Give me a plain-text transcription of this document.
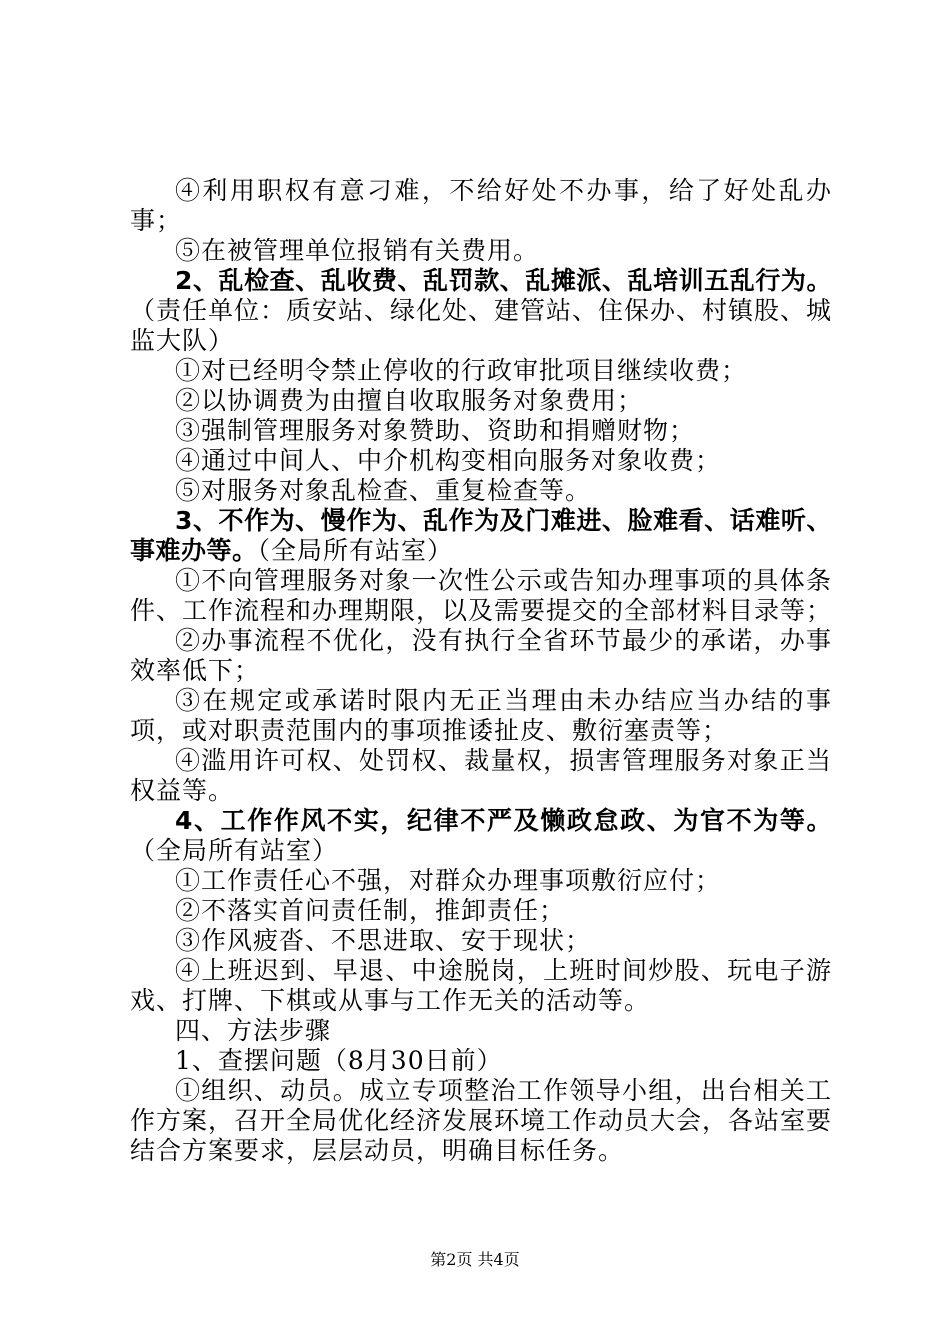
④利用职权有意刁难，不给好处不办事，给了好处乱办事；

⑤在被管理单位报销有关费用。

2、乱检查、乱收费、乱罚款、乱摊派、乱培训五乱行为。（责任单位：质安站、绿化处、建管站、住保办、村镇股、城监大队）

①对已经明令禁止停收的行政审批项目继续收费；

②以协调费为由擅自收取服务对象费用；

③强制管理服务对象赞助、资助和捐赠财物；

④通过中间人、中介机构变相向服务对象收费；

⑤对服务对象乱检查、重复检查等。

3、不作为、慢作为、乱作为及门难进、脸难看、话难听、事难办等。（全局所有站室）

①不向管理服务对象一次性公示或告知办理事项的具体条件、工作流程和办理期限，以及需要提交的全部材料目录等；

②办事流程不优化，没有执行全省环节最少的承诺，办事效率低下；

③在规定或承诺时限内无正当理由未办结应当办结的事项，或对职责范围内的事项推诿扯皮、敷衍塞责等；

④滥用许可权、处罚权、裁量权，损害管理服务对象正当权益等。

4、工作作风不实，纪律不严及懒政怠政、为官不为等。（全局所有站室）

①工作责任心不强，对群众办理事项敷衍应付；

②不落实首问责任制，推卸责任；

③作风疲沓、不思进取、安于现状；

④上班迟到、早退、中途脱岗，上班时间炒股、玩电子游戏、打牌、下棋或从事与工作无关的活动等。

四、方法步骤

1、查摆问题（8月30日前）

①组织、动员。成立专项整治工作领导小组，出台相关工作方案，召开全局优化经济发展环境工作动员大会，各站室要结合方案要求，层层动员，明确目标任务。

第2页 共4页
